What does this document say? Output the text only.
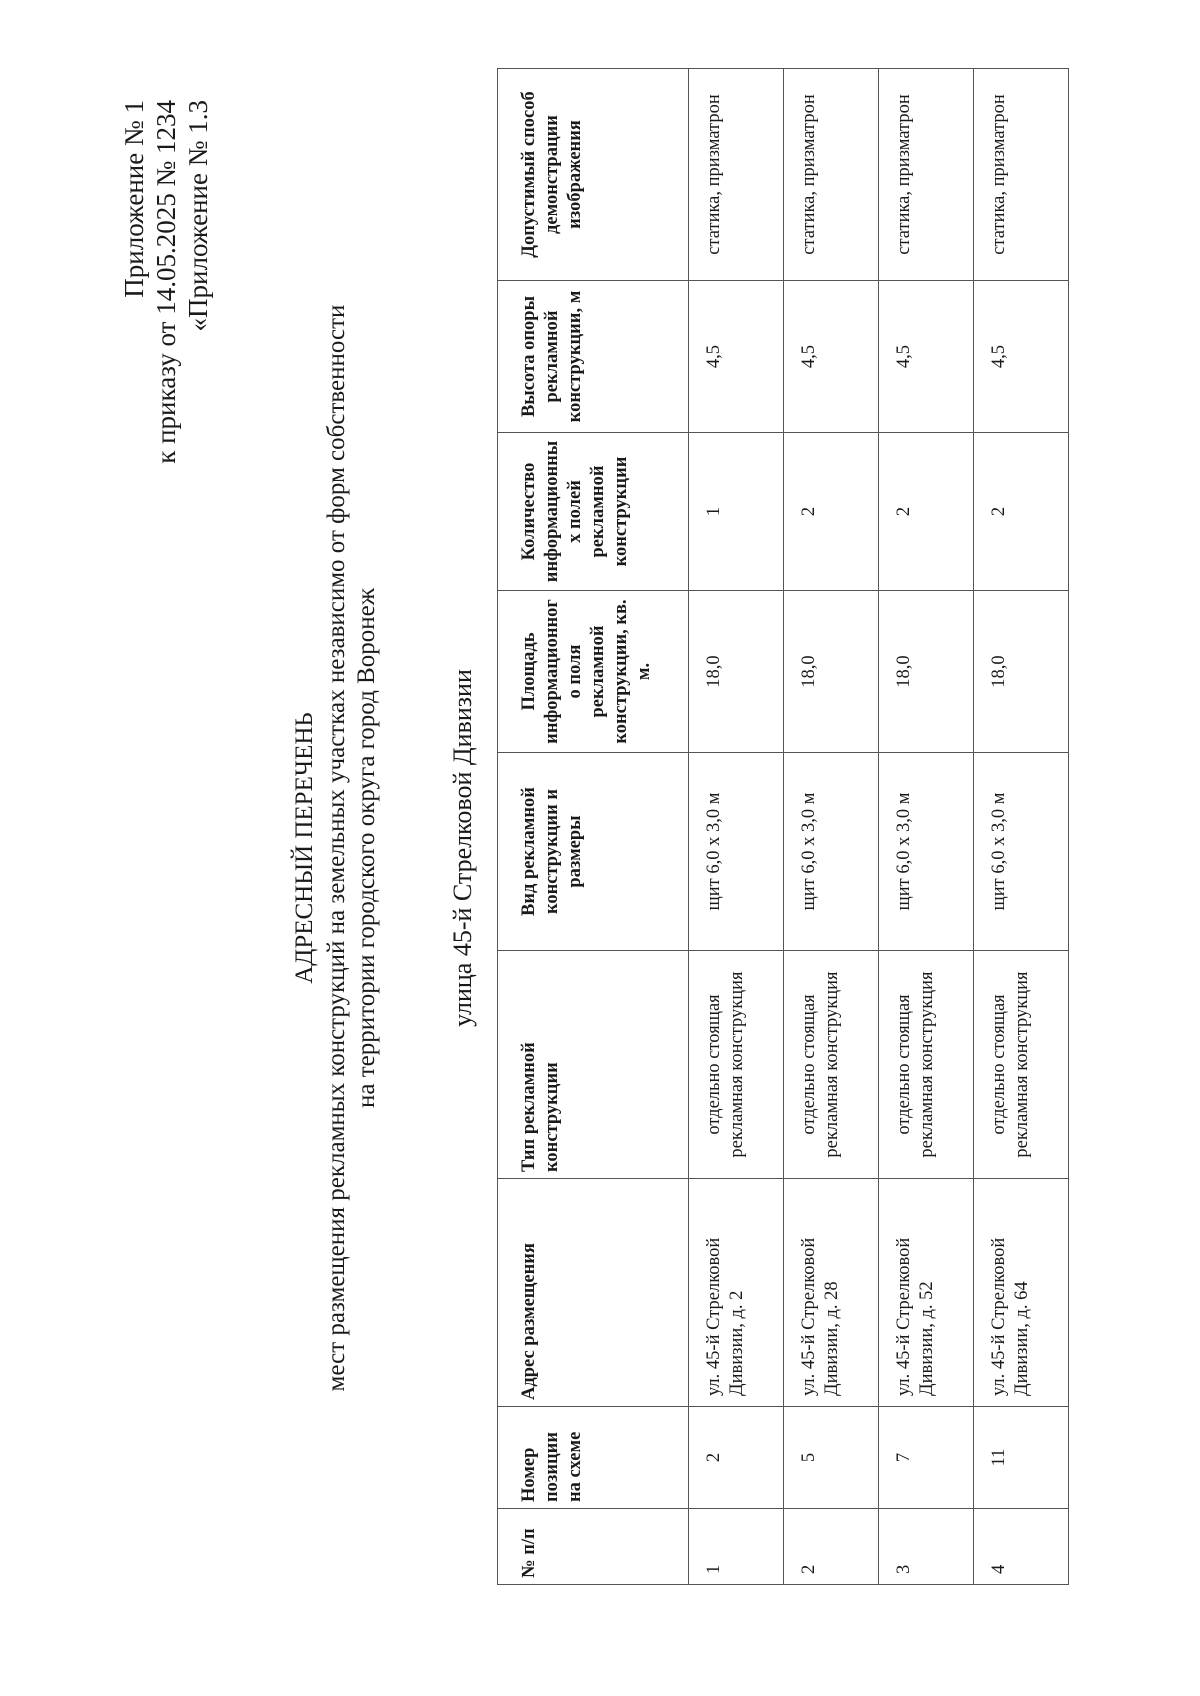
Приложение № 1 к приказу от 14.05.2025 № 1234 «Приложение № 1.3
АДРЕСНЫЙ ПЕРЕЧЕНЬ мест размещения рекламных конструкций на земельных участках независимо от форм собственности на территории городского округа город Воронеж	улица 45-й Стрелковой Дивизии
№ п/п	Номер позиции на схеме	Адрес размещения	Тип рекламной конструкции	Вид рекламной конструкции и размеры	Площадь информационного поля рекламной конструкции, кв. м.	Количество информационных полей рекламной конструкции	Высота опоры рекламной конструкции, м	Допустимый способ демонстрации изображения
1	2	ул. 45-й Стрелковой Дивизии, д. 2	отдельно стоящая рекламная конструкция	щит 6,0 х 3,0 м	18,0	1	4,5	статика, призматрон
2	5	ул. 45-й Стрелковой Дивизии, д. 28	отдельно стоящая рекламная конструкция	щит 6,0 х 3,0 м	18,0	2	4,5	статика, призматрон
3	7	ул. 45-й Стрелковой Дивизии, д. 52	отдельно стоящая рекламная конструкция	щит 6,0 х 3,0 м	18,0	2	4,5	статика, призматрон
4	11	ул. 45-й Стрелковой Дивизии, д. 64	отдельно стоящая рекламная конструкция	щит 6,0 х 3,0 м	18,0	2	4,5	статика, призматрон
